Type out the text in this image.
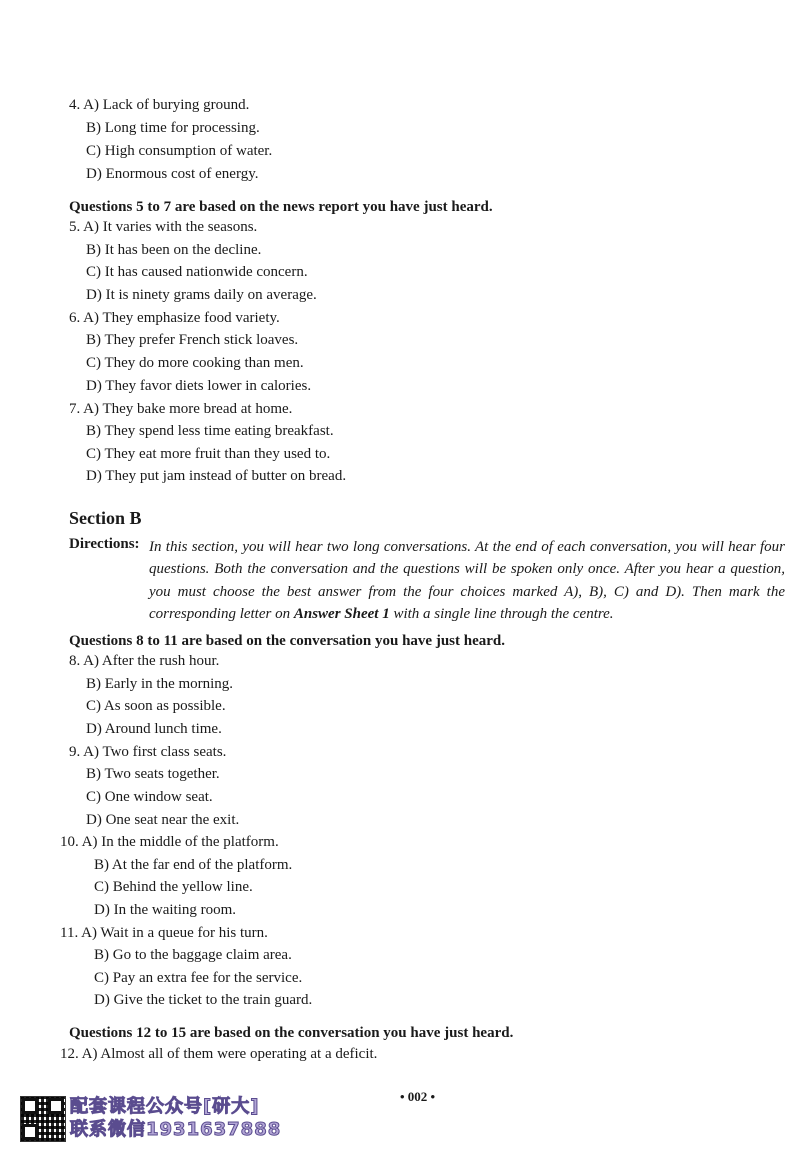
4. A) Lack of burying ground.
B) Long time for processing.
C) High consumption of water.
D) Enormous cost of energy.
Questions 5 to 7 are based on the news report you have just heard.
5. A) It varies with the seasons.
B) It has been on the decline.
C) It has caused nationwide concern.
D) It is ninety grams daily on average.
6. A) They emphasize food variety.
B) They prefer French stick loaves.
C) They do more cooking than men.
D) They favor diets lower in calories.
7. A) They bake more bread at home.
B) They spend less time eating breakfast.
C) They eat more fruit than they used to.
D) They put jam instead of butter on bread.
Section B
Directions: In this section, you will hear two long conversations. At the end of each conversation, you will hear four questions. Both the conversation and the questions will be spoken only once. After you hear a question, you must choose the best answer from the four choices marked A), B), C) and D). Then mark the corresponding letter on Answer Sheet 1 with a single line through the centre.
Questions 8 to 11 are based on the conversation you have just heard.
8. A) After the rush hour.
B) Early in the morning.
C) As soon as possible.
D) Around lunch time.
9. A) Two first class seats.
B) Two seats together.
C) One window seat.
D) One seat near the exit.
10. A) In the middle of the platform.
B) At the far end of the platform.
C) Behind the yellow line.
D) In the waiting room.
11. A) Wait in a queue for his turn.
B) Go to the baggage claim area.
C) Pay an extra fee for the service.
D) Give the ticket to the train guard.
Questions 12 to 15 are based on the conversation you have just heard.
12. A) Almost all of them were operating at a deficit.
• 002 •
配套课程公众号[研大]
联系微信1931637888
